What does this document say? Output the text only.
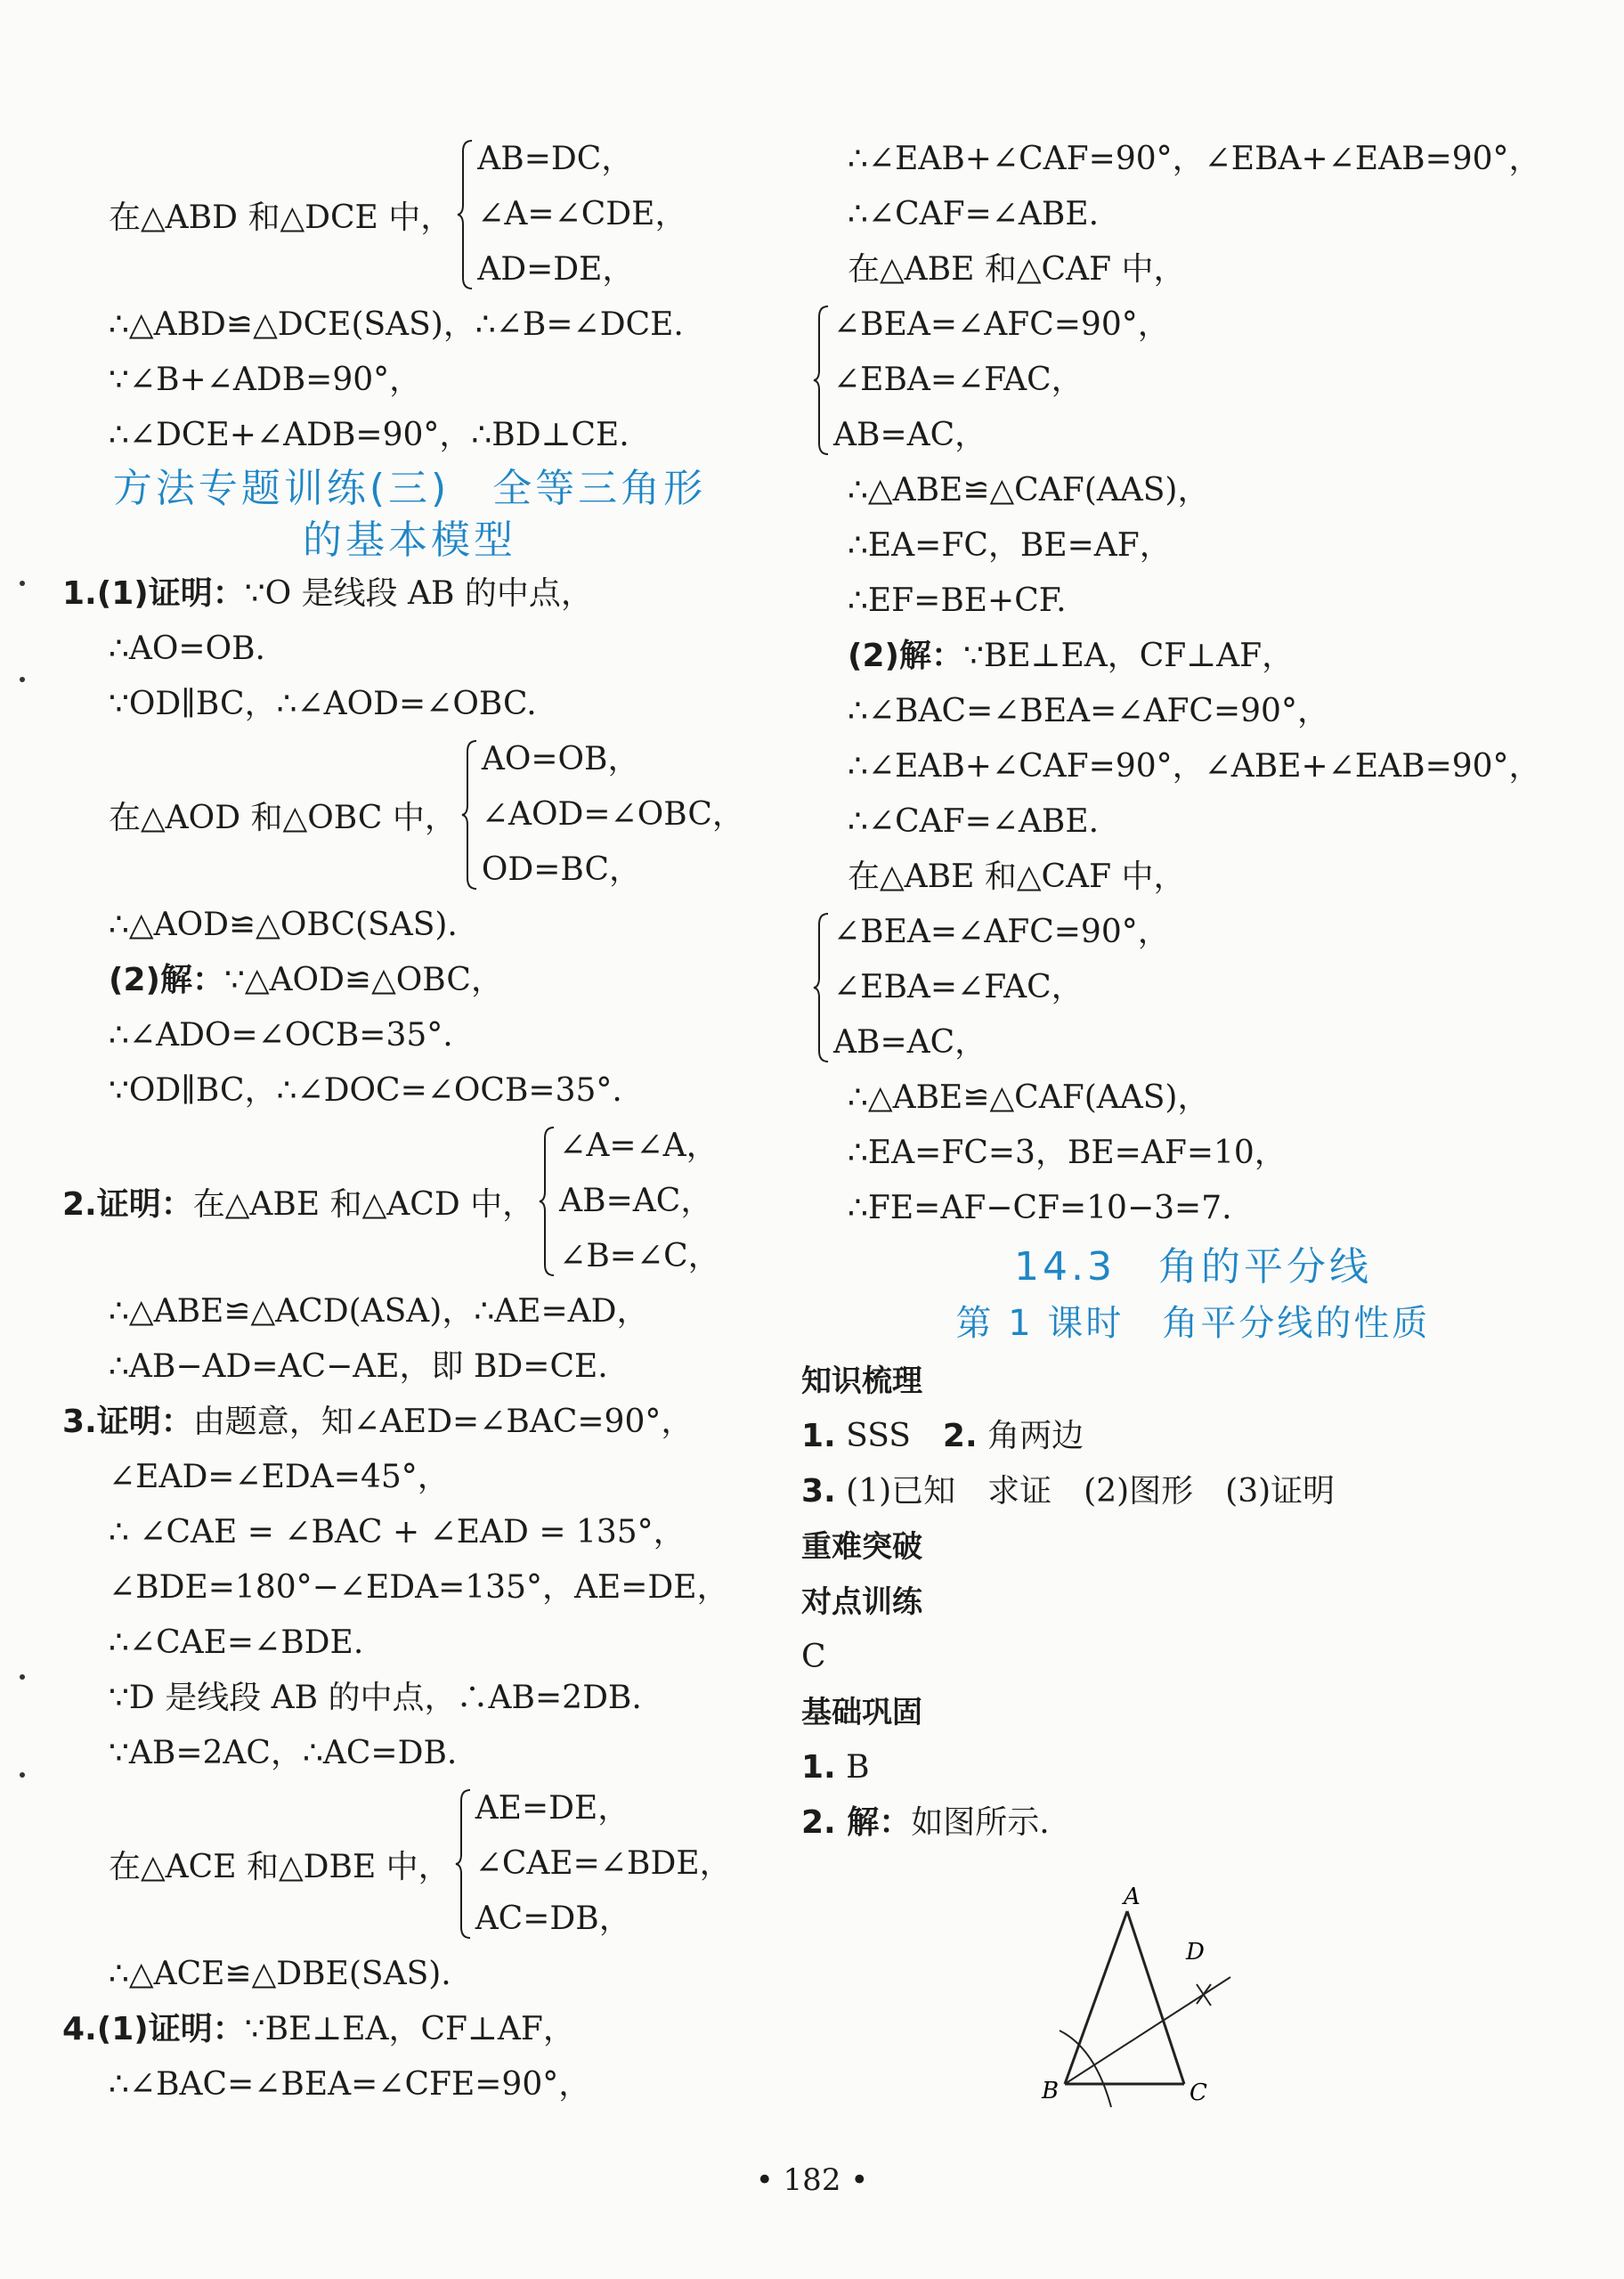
在△ABD 和△DCE 中，
AB=DC，
∠A=∠CDE，
AD=DE，
∴△ABD≌△DCE(SAS)，∴∠B=∠DCE.
∵∠B+∠ADB=90°，
∴∠DCE+∠ADB=90°，∴BD⊥CE.
方法专题训练(三)　全等三角形
的基本模型
1.(1)证明：∵O 是线段 AB 的中点，
∴AO=OB.
∵OD∥BC，∴∠AOD=∠OBC.
在△AOD 和△OBC 中，
AO=OB，
∠AOD=∠OBC，
OD=BC，
∴△AOD≌△OBC(SAS).
(2)解：∵△AOD≌△OBC，
∴∠ADO=∠OCB=35°.
∵OD∥BC，∴∠DOC=∠OCB=35°.
2.证明：在△ABE 和△ACD 中，
∠A=∠A，
AB=AC，
∠B=∠C，
∴△ABE≌△ACD(ASA)，∴AE=AD，
∴AB−AD=AC−AE，即 BD=CE.
3.证明：由题意，知∠AED=∠BAC=90°，
∠EAD=∠EDA=45°，
∴ ∠CAE = ∠BAC + ∠EAD = 135°，
∠BDE=180°−∠EDA=135°，AE=DE，
∴∠CAE=∠BDE.
∵D 是线段 AB 的中点，∴AB=2DB.
∵AB=2AC，∴AC=DB.
在△ACE 和△DBE 中，
AE=DE，
∠CAE=∠BDE，
AC=DB，
∴△ACE≌△DBE(SAS).
4.(1)证明：∵BE⊥EA，CF⊥AF，
∴∠BAC=∠BEA=∠CFE=90°，
∴∠EAB+∠CAF=90°，∠EBA+∠EAB=90°，
∴∠CAF=∠ABE.
在△ABE 和△CAF 中，
∠BEA=∠AFC=90°，
∠EBA=∠FAC，
AB=AC，
∴△ABE≌△CAF(AAS)，
∴EA=FC，BE=AF，
∴EF=BE+CF.
(2)解：∵BE⊥EA，CF⊥AF，
∴∠BAC=∠BEA=∠AFC=90°，
∴∠EAB+∠CAF=90°，∠ABE+∠EAB=90°，
∴∠CAF=∠ABE.
在△ABE 和△CAF 中，
∠BEA=∠AFC=90°，
∠EBA=∠FAC，
AB=AC，
∴△ABE≌△CAF(AAS)，
∴EA=FC=3，BE=AF=10，
∴FE=AF−CF=10−3=7.
14.3　角的平分线
第 1 课时　角平分线的性质
知识梳理
1. SSS　2. 角两边
3. (1)已知　求证　(2)图形　(3)证明
重难突破
对点训练
C
基础巩固
1. B
2. 解：如图所示.
A
B	C
D
• 182 •
